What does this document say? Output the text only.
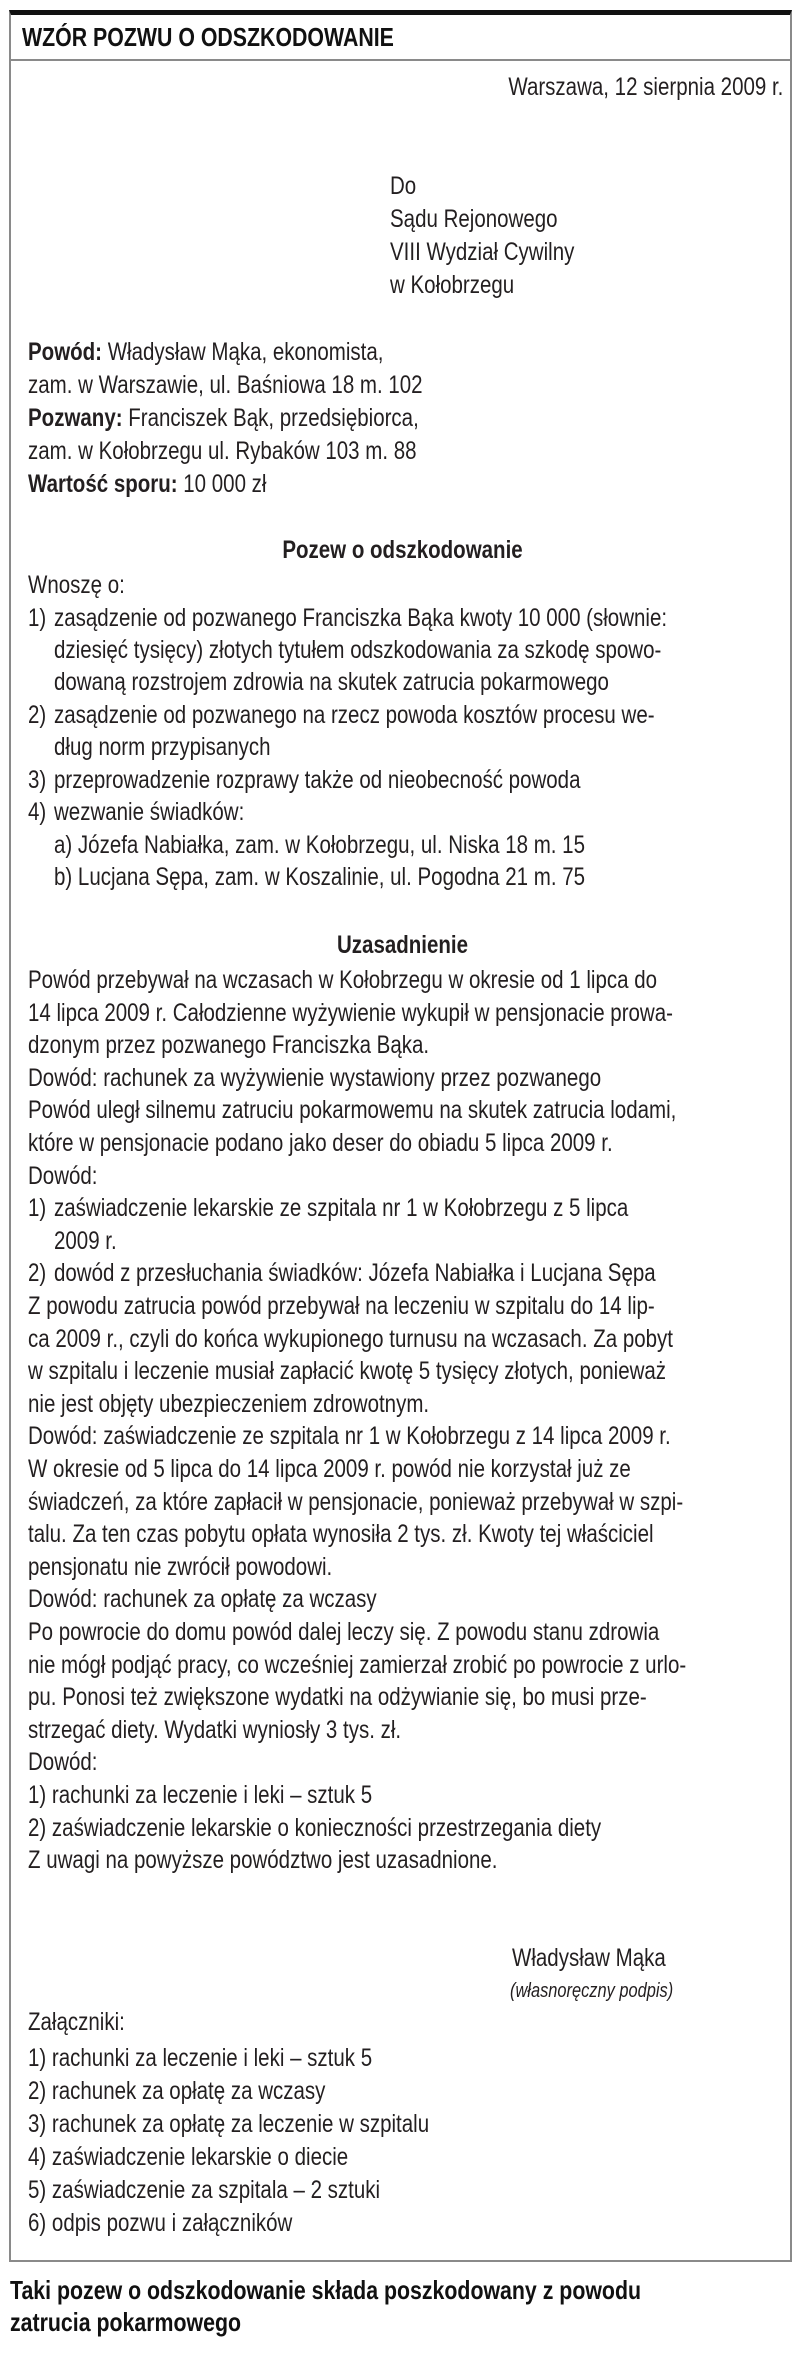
WZÓR POZWU O ODSZKODOWANIE
Warszawa, 12 sierpnia 2009 r.
Do
Sądu Rejonowego
VIII Wydział Cywilny
w Kołobrzegu
Powód: Władysław Mąka, ekonomista,
zam. w Warszawie, ul. Baśniowa 18 m. 102
Pozwany: Franciszek Bąk, przedsiębiorca,
zam. w Kołobrzegu ul. Rybaków 103 m. 88
Wartość sporu: 10 000 zł
Pozew o odszkodowanie
Wnoszę o:
1) zasądzenie od pozwanego Franciszka Bąka kwoty 10 000 (słownie:
dziesięć tysięcy) złotych tytułem odszkodowania za szkodę spowo-
dowaną rozstrojem zdrowia na skutek zatrucia pokarmowego
2) zasądzenie od pozwanego na rzecz powoda kosztów procesu we-
dług norm przypisanych
3) przeprowadzenie rozprawy także od nieobecność powoda
4) wezwanie świadków:
a) Józefa Nabiałka, zam. w Kołobrzegu, ul. Niska 18 m. 15
b) Lucjana Sępa, zam. w Koszalinie, ul. Pogodna 21 m. 75
Uzasadnienie
Powód przebywał na wczasach w Kołobrzegu w okresie od 1 lipca do
14 lipca 2009 r. Całodzienne wyżywienie wykupił w pensjonacie prowa-
dzonym przez pozwanego Franciszka Bąka.
Dowód: rachunek za wyżywienie wystawiony przez pozwanego
Powód uległ silnemu zatruciu pokarmowemu na skutek zatrucia lodami,
które w pensjonacie podano jako deser do obiadu 5 lipca 2009 r.
Dowód:
1) zaświadczenie lekarskie ze szpitala nr 1 w Kołobrzegu z 5 lipca
2009 r.
2) dowód z przesłuchania świadków: Józefa Nabiałka i Lucjana Sępa
Z powodu zatrucia powód przebywał na leczeniu w szpitalu do 14 lip-
ca 2009 r., czyli do końca wykupionego turnusu na wczasach. Za pobyt
w szpitalu i leczenie musiał zapłacić kwotę 5 tysięcy złotych, ponieważ
nie jest objęty ubezpieczeniem zdrowotnym.
Dowód: zaświadczenie ze szpitala nr 1 w Kołobrzegu z 14 lipca 2009 r.
W okresie od 5 lipca do 14 lipca 2009 r. powód nie korzystał już ze
świadczeń, za które zapłacił w pensjonacie, ponieważ przebywał w szpi-
talu. Za ten czas pobytu opłata wynosiła 2 tys. zł. Kwoty tej właściciel
pensjonatu nie zwrócił powodowi.
Dowód: rachunek za opłatę za wczasy
Po powrocie do domu powód dalej leczy się. Z powodu stanu zdrowia
nie mógł podjąć pracy, co wcześniej zamierzał zrobić po powrocie z urlo-
pu. Ponosi też zwiększone wydatki na odżywianie się, bo musi prze-
strzegać diety. Wydatki wyniosły 3 tys. zł.
Dowód:
1) rachunki za leczenie i leki – sztuk 5
2) zaświadczenie lekarskie o konieczności przestrzegania diety
Z uwagi na powyższe powództwo jest uzasadnione.
Władysław Mąka
(własnoręczny podpis)
Załączniki:
1) rachunki za leczenie i leki – sztuk 5
2) rachunek za opłatę za wczasy
3) rachunek za opłatę za leczenie w szpitalu
4) zaświadczenie lekarskie o diecie
5) zaświadczenie za szpitala – 2 sztuki
6) odpis pozwu i załączników
Taki pozew o odszkodowanie składa poszkodowany z powodu
zatrucia pokarmowego
